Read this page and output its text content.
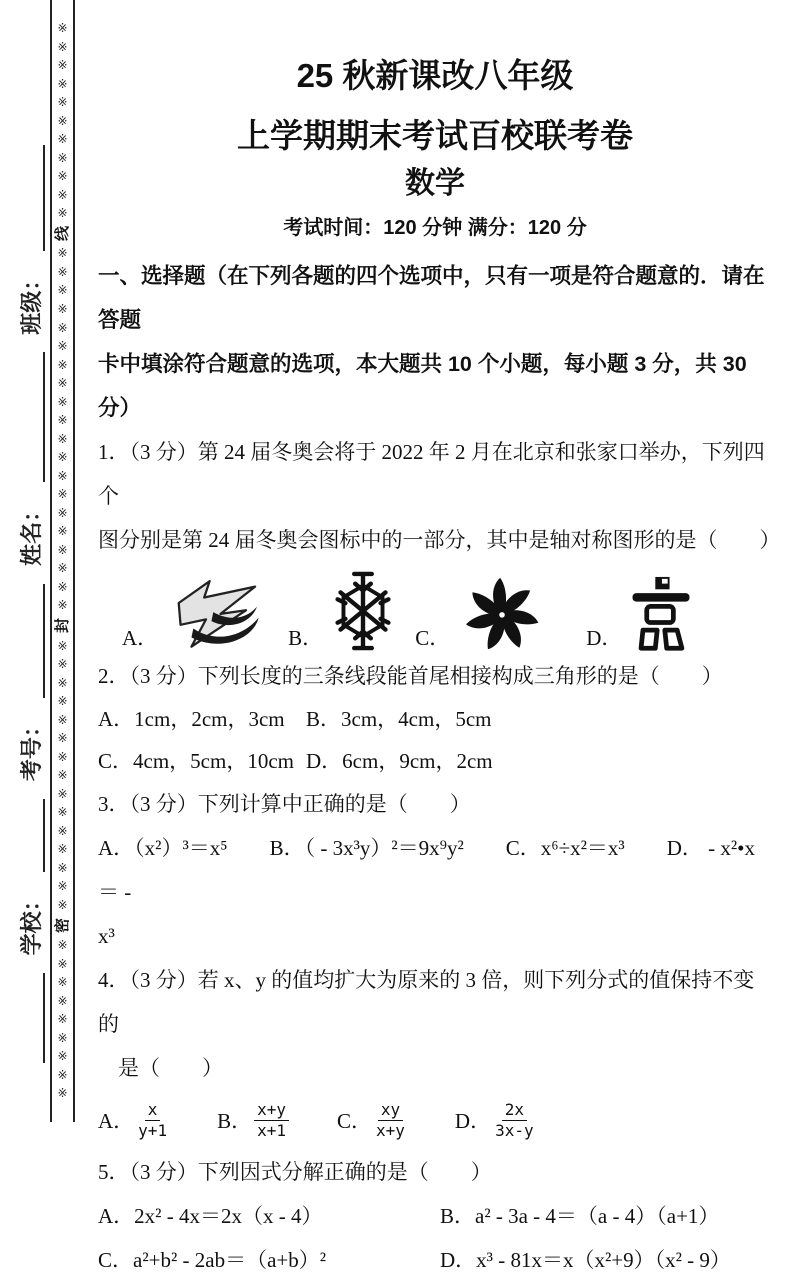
※
※
※
※
※
※
※
※
※
※
※
线
※
※
※
※
※
※
※
※
※
※
※
※
※
※
※
※
※
※
※
※
封
※
※
※
※
※
※
※
※
※
※
※
※
※
※
※
密
※
※
※
※
※
※
※
※
※
学校：
考号：
姓名：
班级：
25 秋新课改八年级
上学期期末考试百校联考卷
数学
考试时间：120 分钟 满分：120 分

一、选择题（在下列各题的四个选项中，只有一项是符合题意的．请在答题

卡中填涂符合题意的选项，本大题共 10 个小题，每小题 3 分，共 30 分）

1．（3 分）第 24 届冬奥会将于 2022 年 2 月在北京和张家口举办，下列四个

图分别是第 24 届冬奥会图标中的一部分，其中是轴对称图形的是（　　）

A．	B．	C．	D．

2．（3 分）下列长度的三条线段能首尾相接构成三角形的是（　　）

A．1cm，2cm，3cm	B．3cm，4cm，5cm
C．4cm，5cm，10cm D．6cm，9cm，2cm

3．（3 分）下列计算中正确的是（　　）

A．（x²）³＝x⁵　　B．（ - 3x³y）²＝9x⁹y²　　C．x⁶÷x²＝x³　　D． - x²•x＝ -

x³

4．（3 分）若 x、y 的值均扩大为原来的 3 倍，则下列分式的值保持不变的

是（　　）

A． $\frac{x}{y+1}$ B． $\frac{x+y}{x+1}$ C． $\frac{xy}{x+y}$ D． $\frac{2x}{3x-y}$

5．（3 分）下列因式分解正确的是（　　）

A．2x² - 4x＝2x（x - 4）	B．a² - 3a - 4＝（a - 4）（a+1）
C．a²+b² - 2ab＝（a+b）²	D．x³ - 81x＝x（x²+9）（x² - 9）
